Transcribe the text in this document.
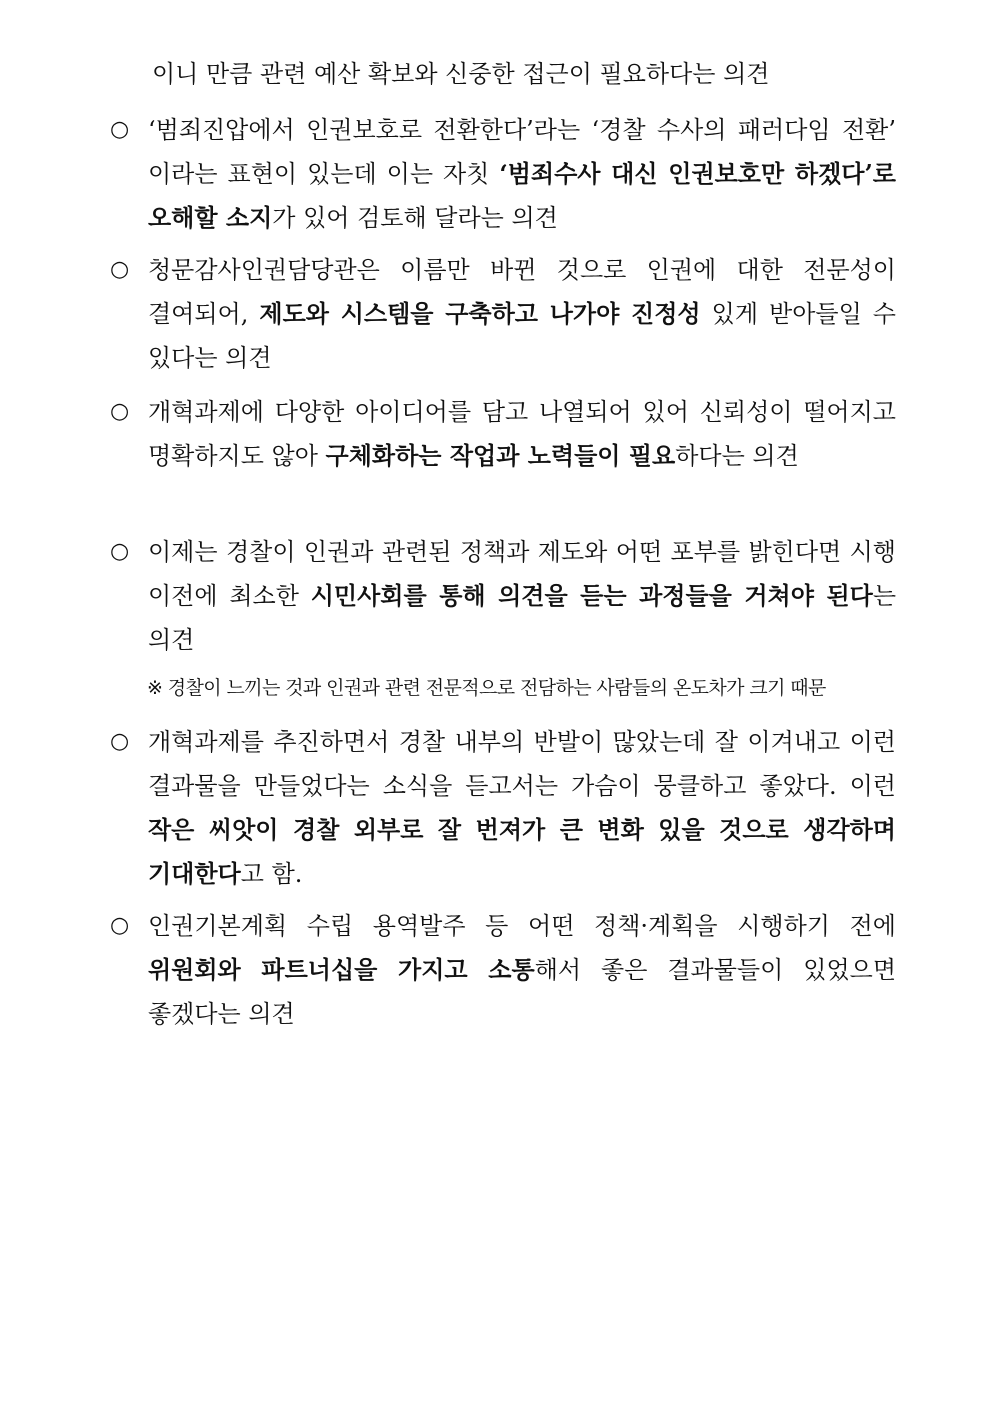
이니 만큼 관련 예산 확보와 신중한 접근이 필요하다는 의견
○ ‘범죄진압에서 인권보호로 전환한다’라는 ‘경찰 수사의 패러다임 전환’ 이라는 표현이 있는데 이는 자칫 ‘범죄수사 대신 인권보호만 하겠다’로 오해할 소지가 있어 검토해 달라는 의견
○ 청문감사인권담당관은 이름만 바뀐 것으로 인권에 대한 전문성이 결여되어, 제도와 시스템을 구축하고 나가야 진정성 있게 받아들일 수 있다는 의견
○ 개혁과제에 다양한 아이디어를 담고 나열되어 있어 신뢰성이 떨어지고 명확하지도 않아 구체화하는 작업과 노력들이 필요하다는 의견
○ 이제는 경찰이 인권과 관련된 정책과 제도와 어떤 포부를 밝힌다면 시행 이전에 최소한 시민사회를 통해 의견을 듣는 과정들을 거쳐야 된다는 의견
※ 경찰이 느끼는 것과 인권과 관련 전문적으로 전담하는 사람들의 온도차가 크기 때문
○ 개혁과제를 추진하면서 경찰 내부의 반발이 많았는데 잘 이겨내고 이런 결과물을 만들었다는 소식을 듣고서는 가슴이 뭉클하고 좋았다. 이런 작은 씨앗이 경찰 외부로 잘 번져가 큰 변화 있을 것으로 생각하며 기대한다고 함.
○ 인권기본계획 수립 용역발주 등 어떤 정책·계획을 시행하기 전에 위원회와 파트너십을 가지고 소통해서 좋은 결과물들이 있었으면 좋겠다는 의견
